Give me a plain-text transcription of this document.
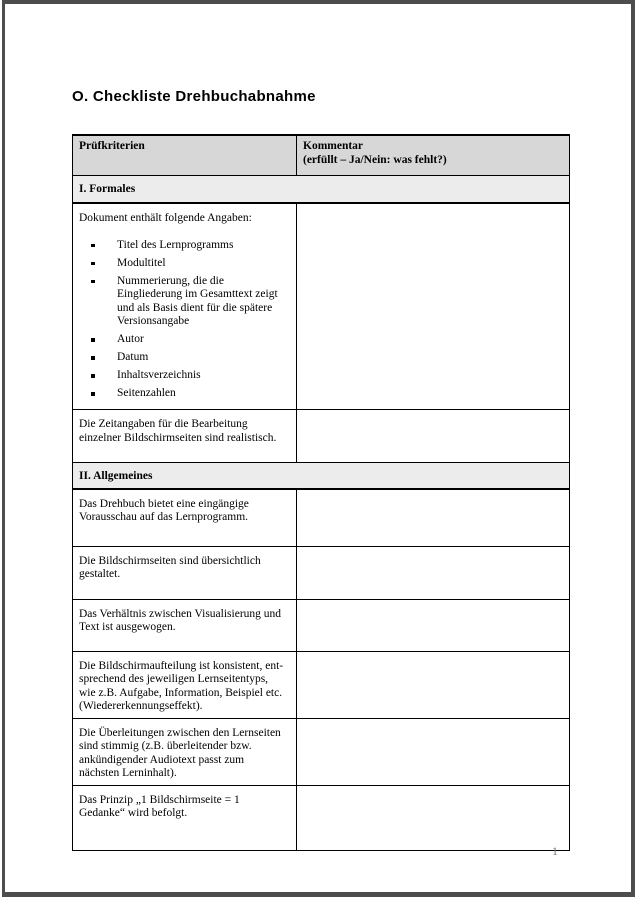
O. Checkliste Drehbuchabnahme
Prüfkriterien	Kommentar
(erfüllt – Ja/Nein: was fehlt?)
I. Formales

Dokument enthält folgende Angaben:

Titel des Lernprogramms
Modultitel
Nummerierung, die die Eingliederung im Gesamttext zeigt und als Basis dient für die spätere Versionsangabe
Autor
Datum
Inhaltsverzeichnis
Seitenzahlen
Die Zeitangaben für die Bearbeitung einzelner Bildschirmseiten sind realistisch.
II. Allgemeines
Das Drehbuch bietet eine eingängige Vorausschau auf das Lernprogramm.
Die Bildschirmseiten sind übersichtlich gestaltet.
Das Verhältnis zwischen Visualisierung und Text ist ausgewogen.
Die Bildschirmaufteilung ist konsistent, ent-sprechend des jeweiligen Lernseitentyps, wie z.B. Aufgabe, Information, Beispiel etc. (Wiedererkennungseffekt).
Die Überleitungen zwischen den Lernseiten sind stimmig (z.B. überleitender bzw. ankündigender Audiotext passt zum nächsten Lerninhalt).
Das Prinzip „1 Bildschirmseite = 1 Gedanke“ wird befolgt.
1
